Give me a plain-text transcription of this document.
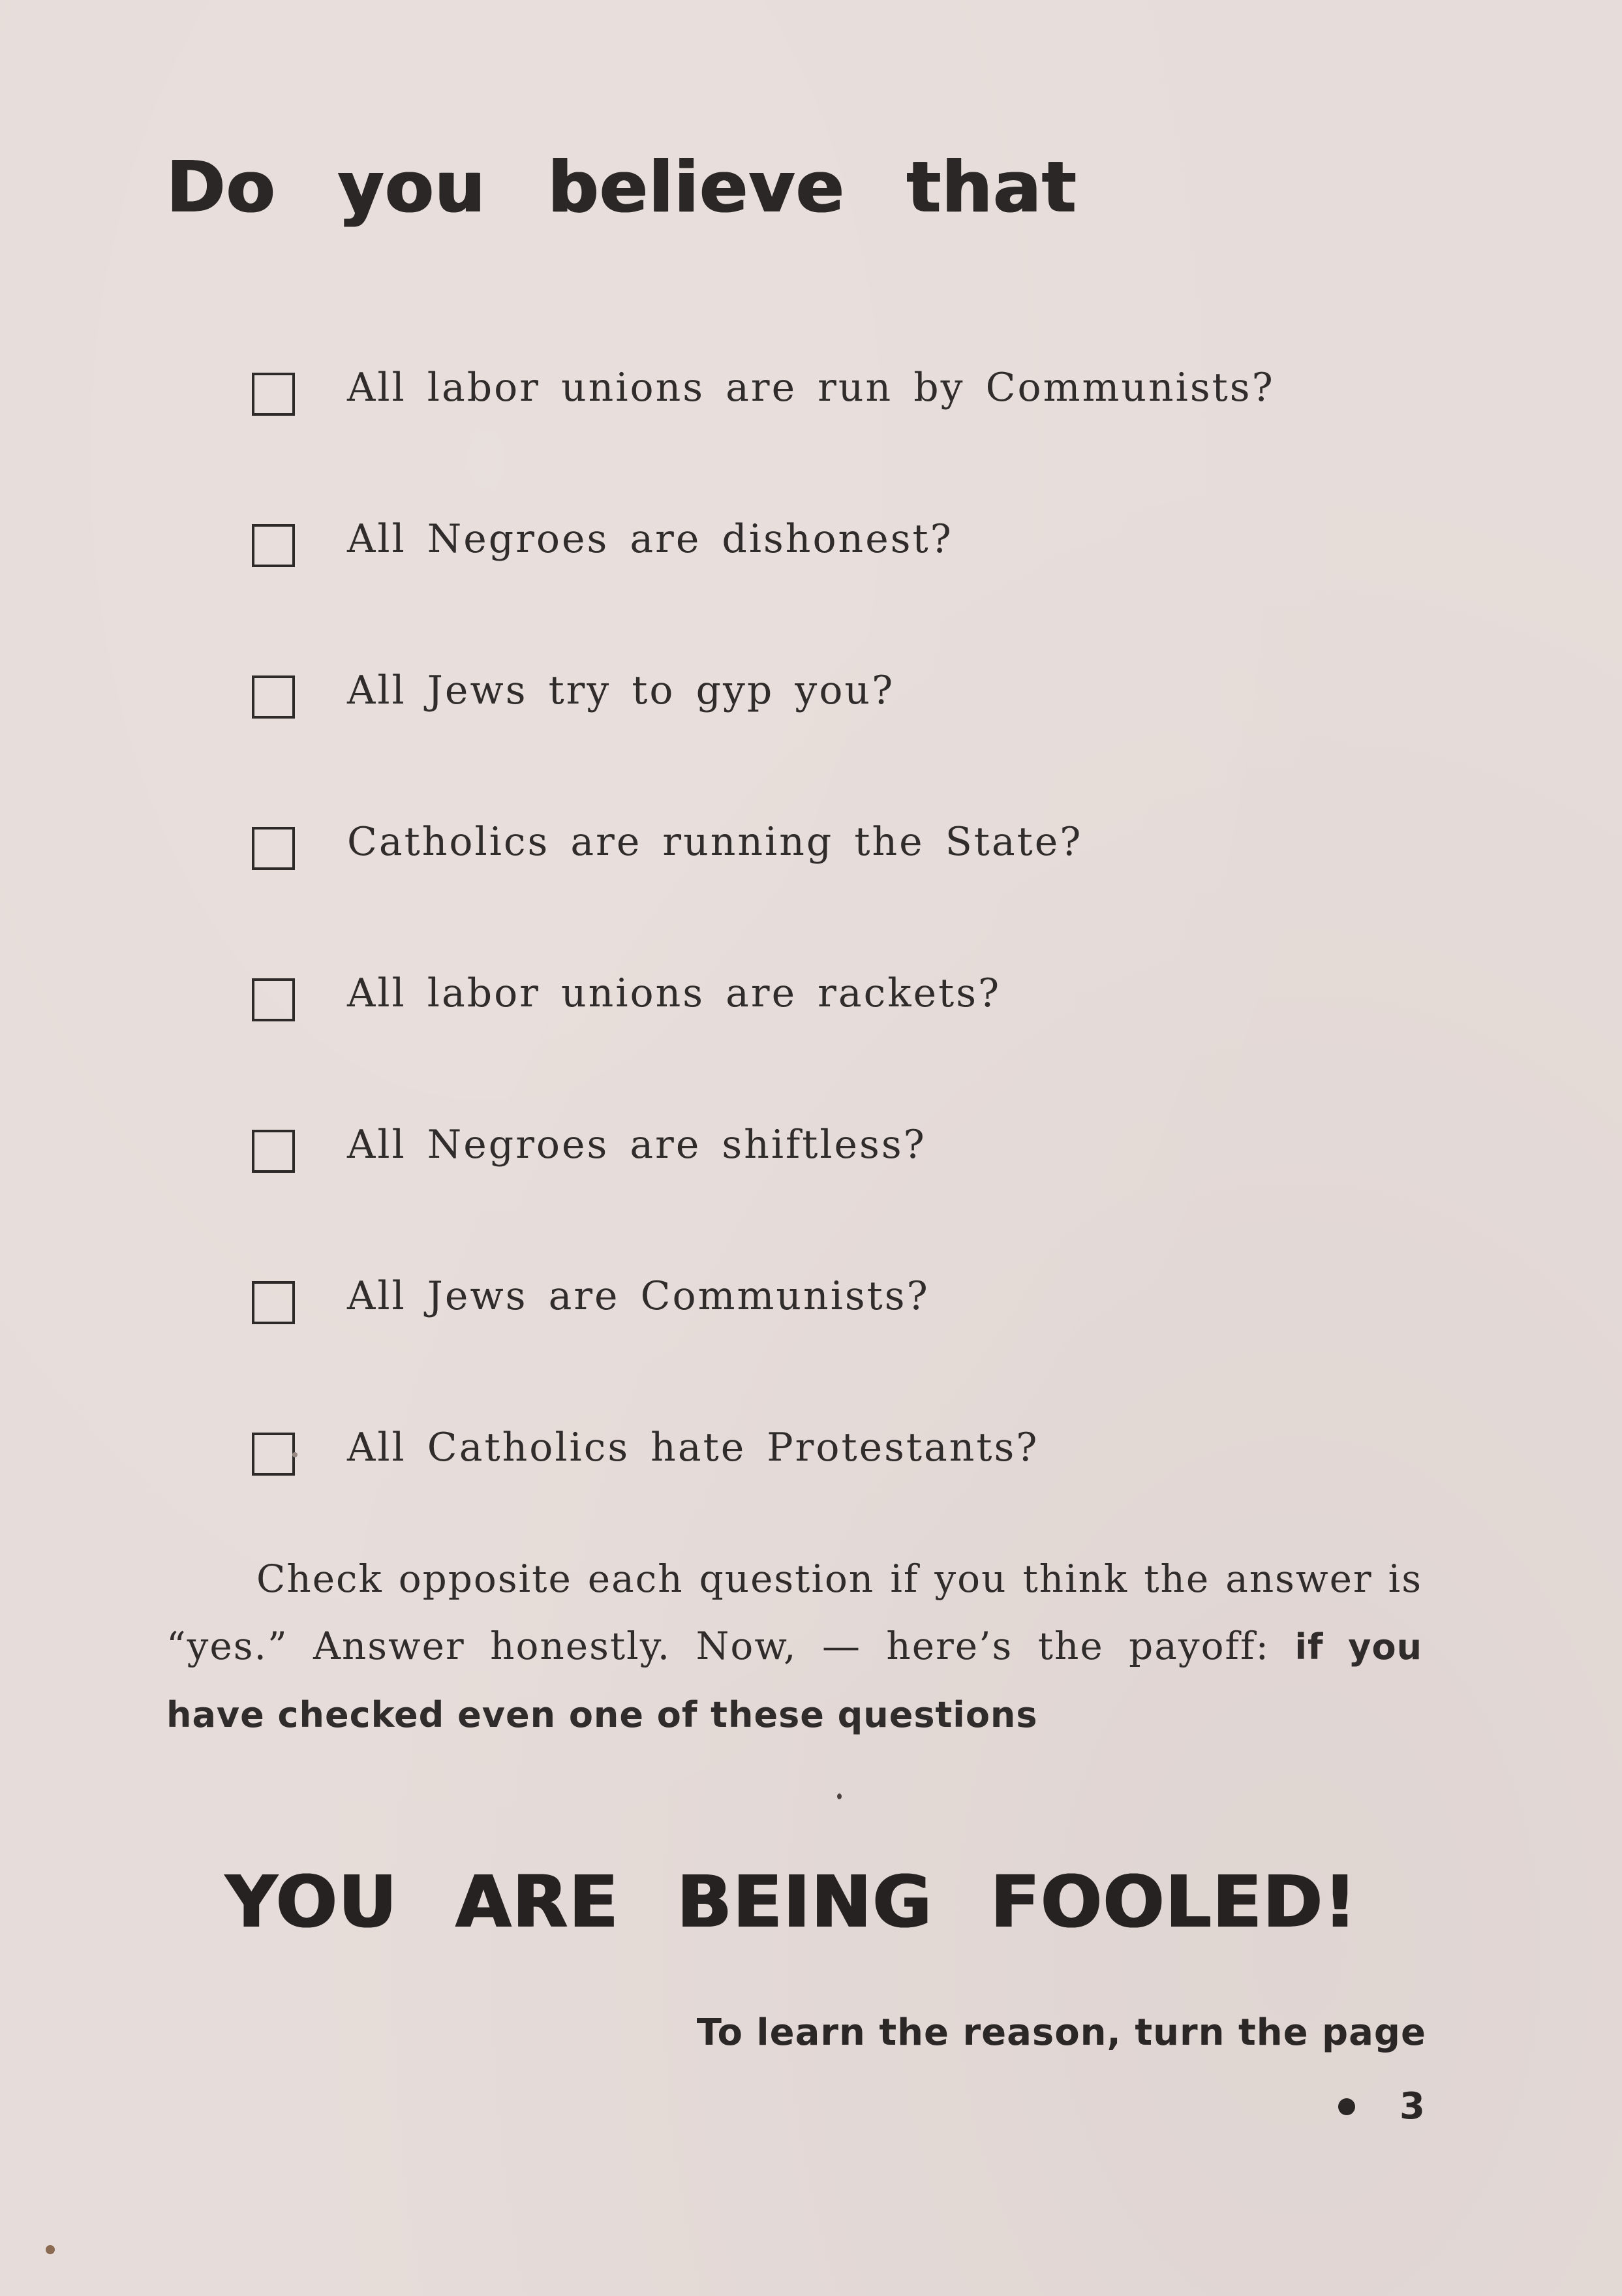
Do you believe that
All labor unions are run by Communists?
All Negroes are dishonest?
All Jews try to gyp you?
Catholics are running the State?
All labor unions are rackets?
All Negroes are shiftless?
All Jews are Communists?
All Catholics hate Protestants?

Check opposite each question if you think the answer is “yes.” Answer honestly. Now, — here’s the payoff: if you have checked even one of these questions

YOU ARE BEING FOOLED!

To learn the reason, turn the page

3
